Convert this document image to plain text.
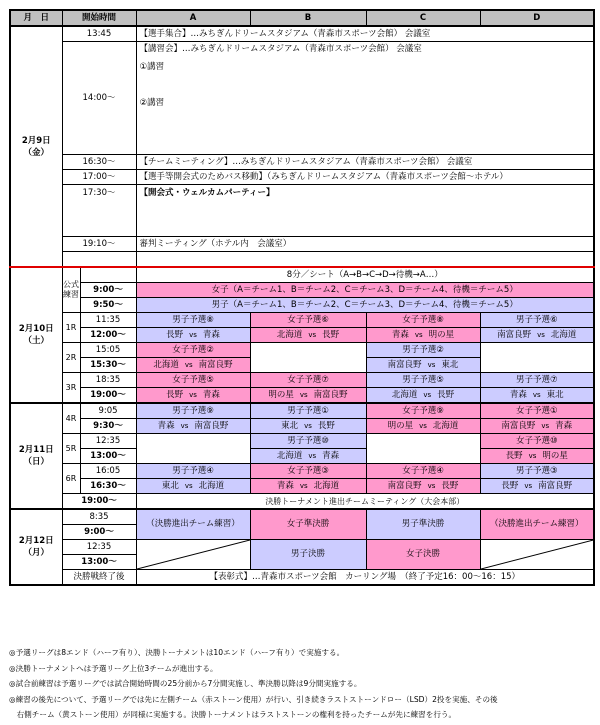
月　日	開始時間		A	B	C	D
2月9日
（金）	13:45		【選手集合】…みちぎんドリームスタジアム（青森市スポーツ会館） 会議室			
	14:00～		【講習会】…みちぎんドリームスタジアム（青森市スポーツ会館） 会議室
①講習
②講習			

	16:30～		【チームミーティング】…みちぎんドリームスタジアム（青森市スポーツ会館） 会議室			
	17:00～		【選手等開会式のためバス移動】（みちぎんドリームスタジアム（青森市スポーツ会館～ホテル）			
	17:30～		【開会式・ウェルカムパーティー】			
	19:10～		審判ミーティング（ホテル内　会議室）			

2月10日
（土）	公式練習		8分／シート（A→B→C→D→待機→A…）			
		9:00～	女子（A＝チーム1、B＝チーム2、C＝チーム3、D＝チーム4、待機＝チーム5）			
		9:50～	男子（A＝チーム1、B＝チーム2、C＝チーム3、D＝チーム4、待機＝チーム5）			
	1R	11:35	男子予選⑧	女子予選⑥	女子予選⑧	男子予選⑥
		12:00～	長野 vs 青森	北海道 vs 長野	青森 vs 明の星	南富良野 vs 北海道
	2R	15:05	女子予選②		男子予選②	
		15:30～	北海道 vs 南富良野		南富良野 vs 東北	
	3R	18:35	女子予選⑤	女子予選⑦	男子予選⑤	男子予選⑦
		19:00～	長野 vs 青森	明の星 vs 南富良野	北海道 vs 長野	青森 vs 東北
2月11日
（日）	4R	9:05	男子予選⑨	男子予選①	女子予選⑨	女子予選①
		9:30～	青森 vs 南富良野	東北 vs 長野	明の星 vs 北海道	南富良野 vs 青森
	5R	12:35		男子予選⑩		女子予選⑩
		13:00～		北海道 vs 青森		長野 vs 明の星
	6R	16:05	男子予選④	女子予選③	女子予選④	男子予選③
		16:30～	東北 vs 北海道	青森 vs 北海道	南富良野 vs 長野	長野 vs 南富良野
	19:00～		決勝トーナメント進出チームミーティング（大会本部）			
2月12日
（月）	8:35		（決勝進出チーム練習）	女子準決勝	男子準決勝	（決勝進出チーム練習）
	9:00～					
	12:35			男子決勝	女子決勝	

	13:00～					
	決勝戦終了後		【表彰式】…青森市スポーツ会館　カーリング場　（終了予定16：00～16：15）			
◎予選リーグは8エンド（ハーフ有り）、決勝トーナメントは10エンド（ハーフ有り）で実施する。
◎決勝トーナメントへは予選リーグ上位3チームが進出する。
◎試合前練習は予選リーグでは試合開始時間の25分前から7分間実施し、準決勝以降は9分間実施する。
◎練習の後先について、予選リーグでは先に左側チーム（赤ストーン使用）が行い、引き続きラストストーンドロー（LSD）2投を実施、その後
　右側チーム（黄ストーン使用）が同様に実施する。決勝トーナメントはラストストーンの権利を持ったチームが先に練習を行う。
